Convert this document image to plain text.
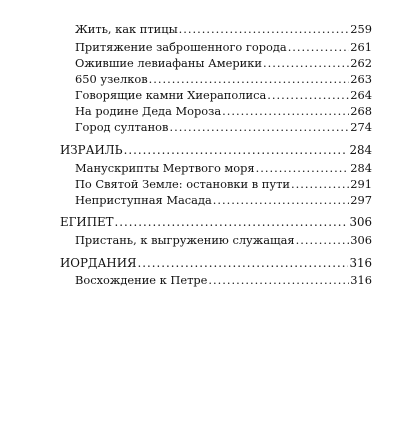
Жить, как птицы .....	259
Притяжение заброшенного города .....	261
Ожившие левиафаны Америки .....	262
650 узелков .....	263
Говорящие камни Хиераполиса .....	264
На родине Деда Мороза .....	268
Город султанов .....	274
ИЗРАИЛЬ .....	284
Манускрипты Мертвого моря .....	284
По Святой Земле: остановки в пути .....	291
Неприступная Масада .....	297
ЕГИПЕТ .....	306
Пристань, к выгружению служащая .....	306
ИОРДАНИЯ .....	316
Восхождение к Петре .....	316
